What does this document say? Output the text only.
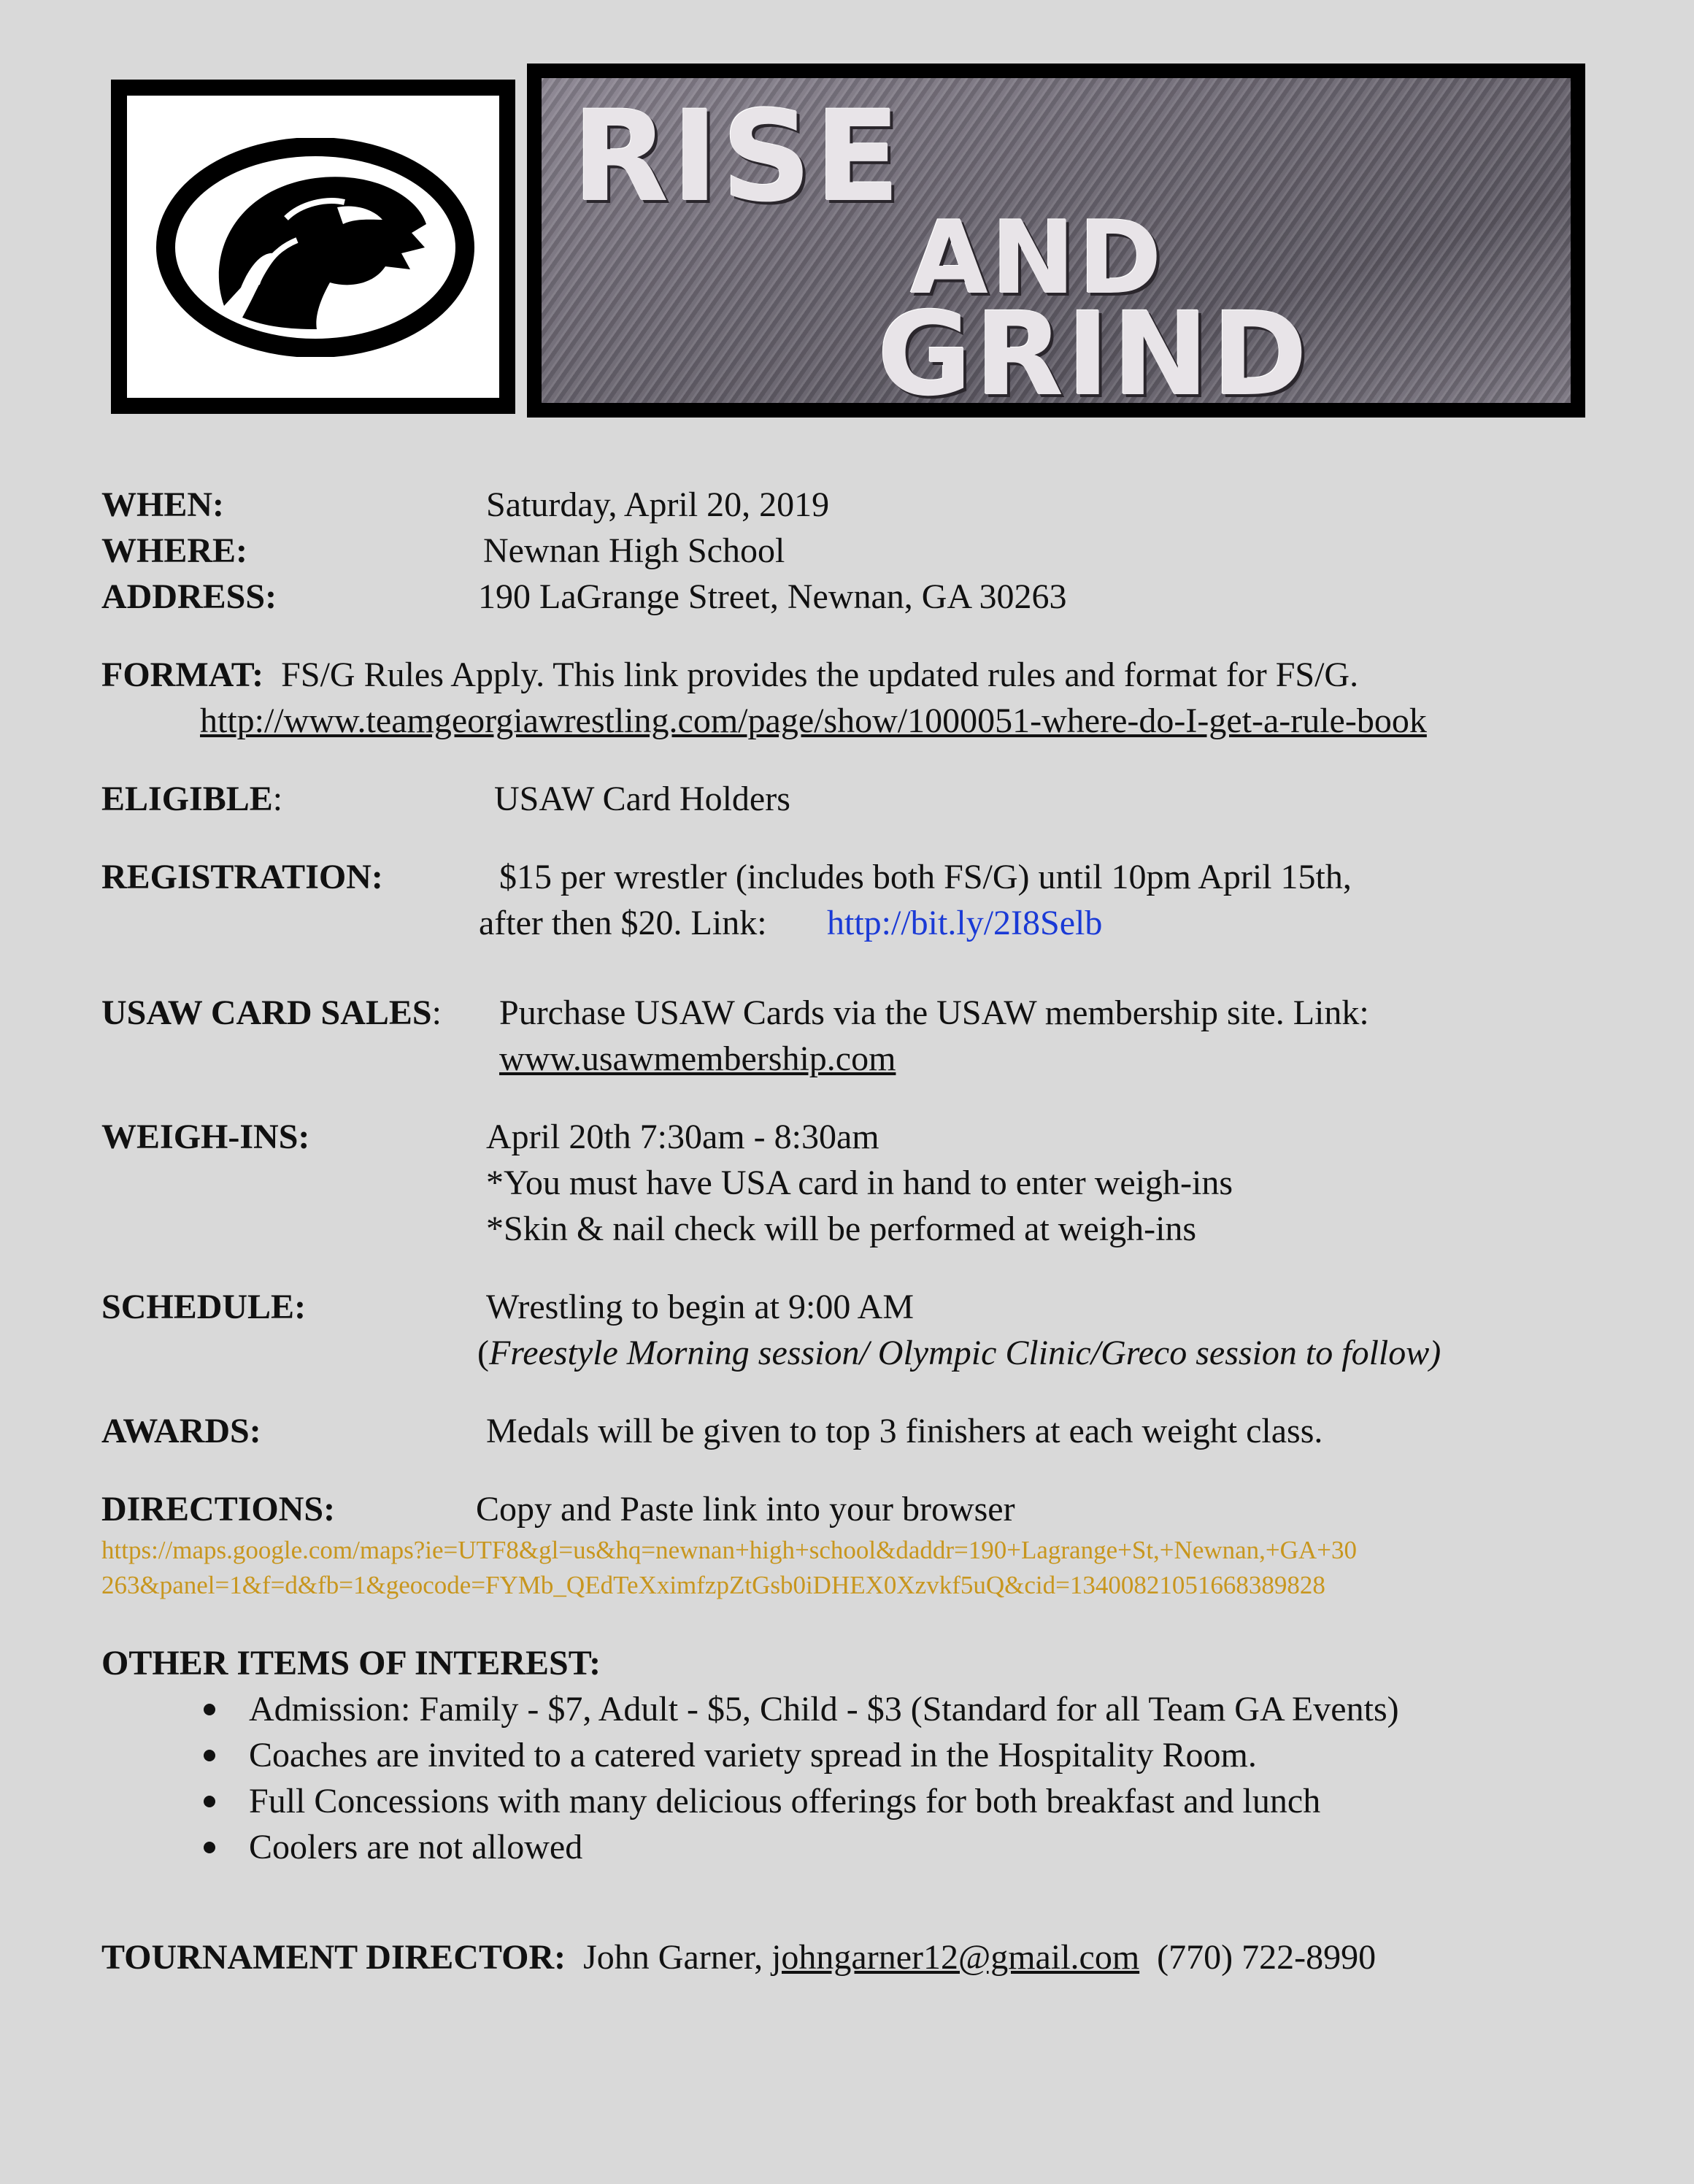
RISE
AND
GRIND
WHEN:	Saturday, April 20, 2019
WHERE:	Newnan High School
ADDRESS:	190 LaGrange Street, Newnan, GA 30263
FORMAT: FS/G Rules Apply. This link provides the updated rules and format for FS/G.
http://www.teamgeorgiawrestling.com/page/show/1000051-where-do-I-get-a-rule-book
ELIGIBLE:	USAW Card Holders
REGISTRATION:	$15 per wrestler (includes both FS/G) until 10pm April 15th,
after then $20. Link: http://bit.ly/2I8Selb
USAW CARD SALES: Purchase USAW Cards via the USAW membership site. Link:
www.usawmembership.com
WEIGH-INS:	April 20th 7:30am - 8:30am
*You must have USA card in hand to enter weigh-ins
*Skin & nail check will be performed at weigh-ins
SCHEDULE:	Wrestling to begin at 9:00 AM
(Freestyle Morning session/ Olympic Clinic/Greco session to follow)
AWARDS:	Medals will be given to top 3 finishers at each weight class.
DIRECTIONS:	Copy and Paste link into your browser
https://maps.google.com/maps?ie=UTF8&gl=us&hq=newnan+high+school&daddr=190+Lagrange+St,+Newnan,+GA+30
263&panel=1&f=d&fb=1&geocode=FYMb_QEdTeXximfzpZtGsb0iDHEX0Xzvkf5uQ&cid=13400821051668389828
OTHER ITEMS OF INTEREST:
Admission: Family - $7, Adult - $5, Child - $3 (Standard for all Team GA Events)
Coaches are invited to a catered variety spread in the Hospitality Room.
Full Concessions with many delicious offerings for both breakfast and lunch
Coolers are not allowed
TOURNAMENT DIRECTOR: John Garner, johngarner12@gmail.com (770) 722-8990
